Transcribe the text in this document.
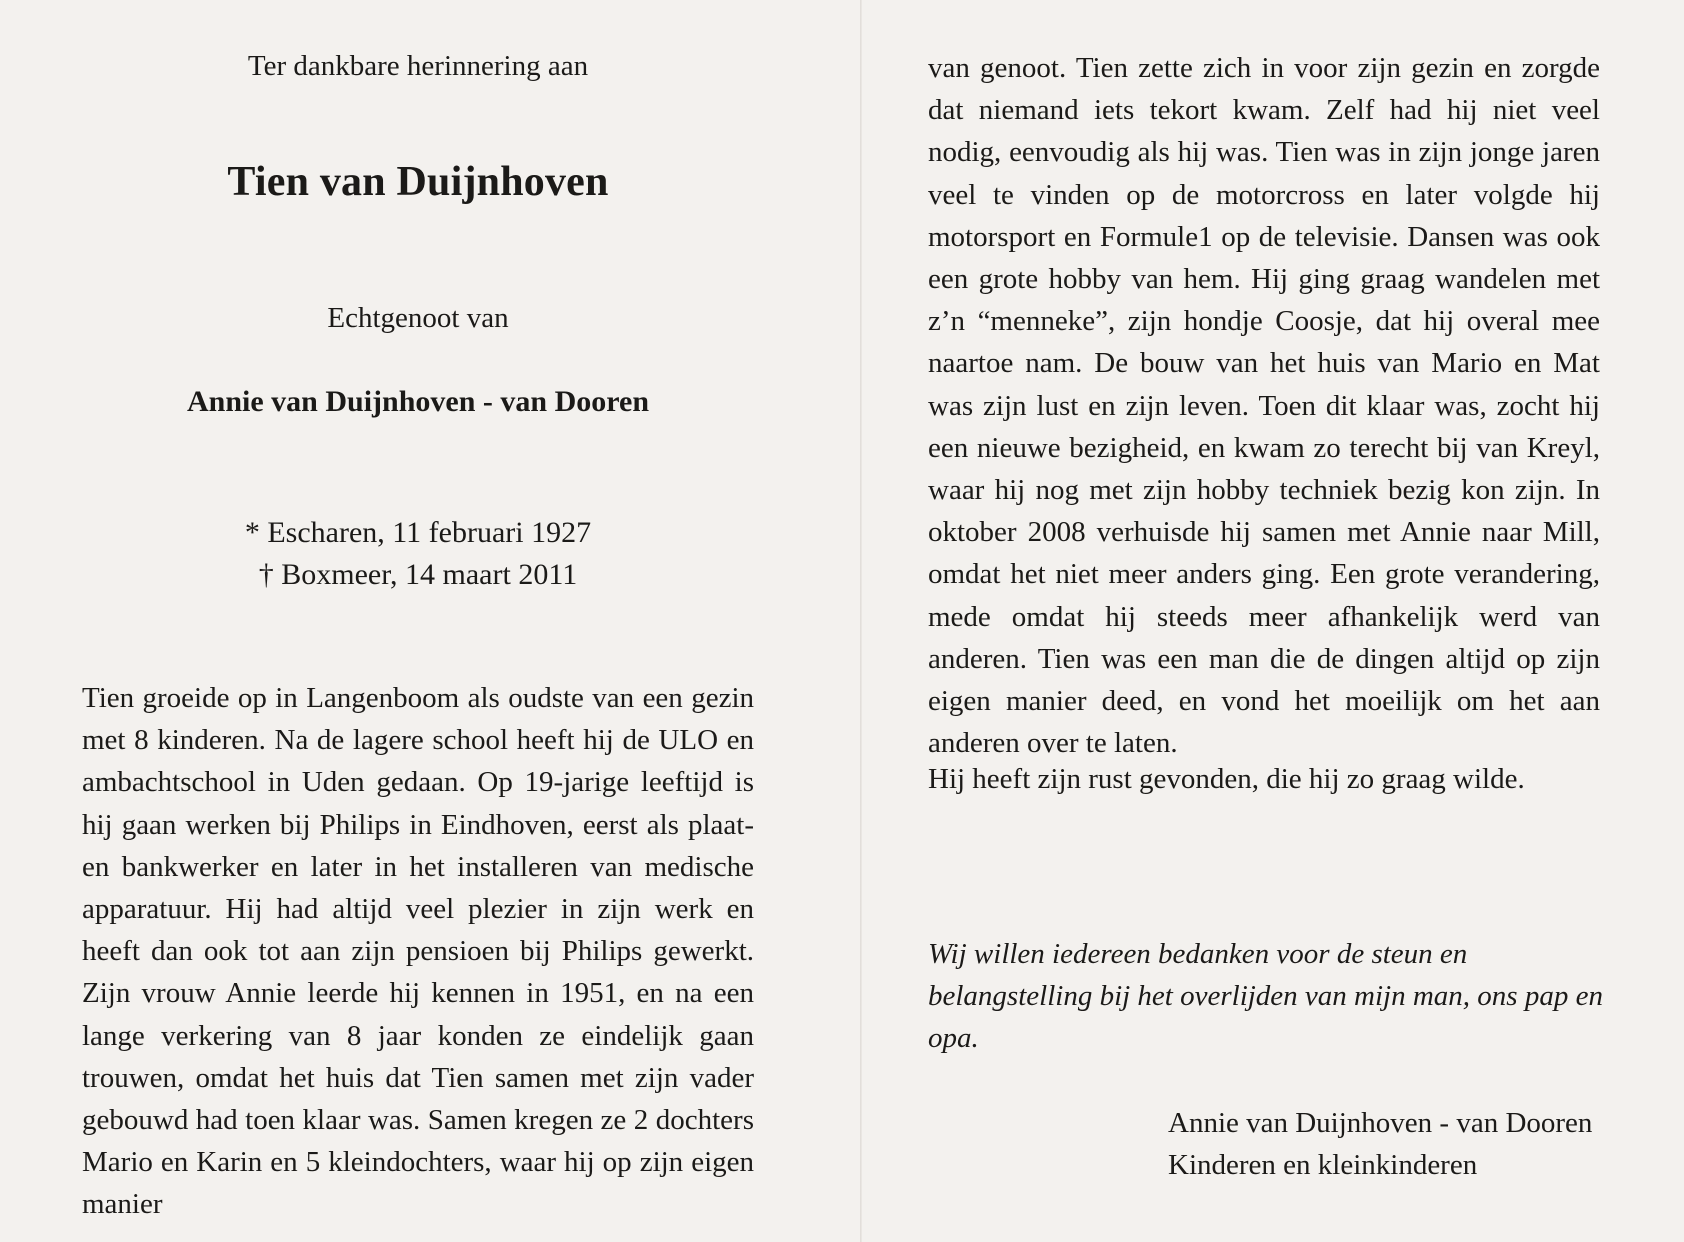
Ter dankbare herinnering aan
Tien van Duijnhoven
Echtgenoot van
Annie van Duijnhoven - van Dooren
* Escharen, 11 februari 1927
† Boxmeer, 14 maart 2011

Tien groeide op in Langenboom als oudste van een gezin met 8 kinderen. Na de lagere school heeft hij de ULO en ambachtschool in Uden gedaan. Op 19-jarige leeftijd is hij gaan werken bij Philips in Eindhoven, eerst als plaat- en bankwerker en later in het installeren van medische apparatuur. Hij had altijd veel plezier in zijn werk en heeft dan ook tot aan zijn pensioen bij Philips gewerkt. Zijn vrouw Annie leerde hij kennen in 1951, en na een lange verkering van 8 jaar konden ze eindelijk gaan trouwen, omdat het huis dat Tien samen met zijn vader gebouwd had toen klaar was. Samen kregen ze 2 dochters Mario en Karin en 5 kleindochters, waar hij op zijn eigen manier

van genoot. Tien zette zich in voor zijn gezin en zorgde dat niemand iets tekort kwam. Zelf had hij niet veel nodig, eenvoudig als hij was. Tien was in zijn jonge jaren veel te vinden op de motorcross en later volgde hij motorsport en Formule1 op de televisie. Dansen was ook een grote hobby van hem. Hij ging graag wandelen met z’n “menneke”, zijn hondje Coosje, dat hij overal mee naartoe nam. De bouw van het huis van Mario en Mat was zijn lust en zijn leven. Toen dit klaar was, zocht hij een nieuwe bezigheid, en kwam zo terecht bij van Kreyl, waar hij nog met zijn hobby techniek bezig kon zijn. In oktober 2008 verhuisde hij samen met Annie naar Mill, omdat het niet meer anders ging. Een grote verandering, mede omdat hij steeds meer afhankelijk werd van anderen. Tien was een man die de dingen altijd op zijn eigen manier deed, en vond het moeilijk om het aan anderen over te laten.

Hij heeft zijn rust gevonden, die hij zo graag wilde.

Wij willen iedereen bedanken voor de steun en belangstelling bij het overlijden van mijn man, ons pap en opa.

Annie van Duijnhoven - van Dooren
Kinderen en kleinkinderen
